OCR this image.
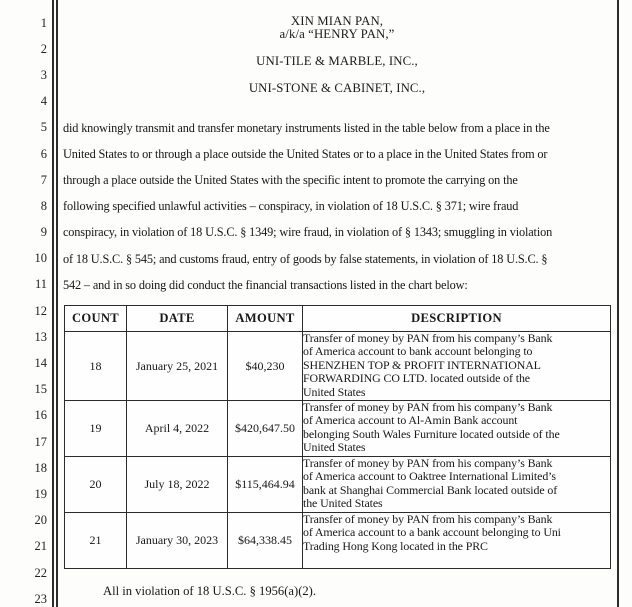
1
2
3
4
5
6
7
8
9
10
11
12
13
14
15
16
17
18
19
20
21
22
23
XIN MIAN PAN,
a/k/a “HENRY PAN,”
UNI-TILE & MARBLE, INC.,
UNI-STONE & CABINET, INC.,
did knowingly transmit and transfer monetary instruments listed in the table below from a place in the
United States to or through a place outside the United States or to a place in the United States from or
through a place outside the United States with the specific intent to promote the carrying on the
following specified unlawful activities – conspiracy, in violation of 18 U.S.C. § 371; wire fraud
conspiracy, in violation of 18 U.S.C. § 1349; wire fraud, in violation of § 1343; smuggling in violation
of 18 U.S.C. § 545; and customs fraud, entry of goods by false statements, in violation of 18 U.S.C. §
542 – and in so doing did conduct the financial transactions listed in the chart below:
COUNT	DATE	AMOUNT	DESCRIPTION
18	January 25, 2021	$40,230	Transfer of money by PAN from his company’s Bank
of America account to bank account belonging to
SHENZHEN TOP & PROFIT INTERNATIONAL
FORWARDING CO LTD. located outside of the
United States

19	April 4, 2022	$420,647.50	Transfer of money by PAN from his company’s Bank
of America account to Al-Amin Bank account
belonging South Wales Furniture located outside of the
United States

20	July 18, 2022	$115,464.94	Transfer of money by PAN from his company’s Bank
of America account to Oaktree International Limited’s
bank at Shanghai Commercial Bank located outside of
the United States

21	January 30, 2023	$64,338.45	Transfer of money by PAN from his company’s Bank
of America account to a bank account belonging to Uni
Trading Hong Kong located in the PRC
All in violation of 18 U.S.C. § 1956(a)(2).
